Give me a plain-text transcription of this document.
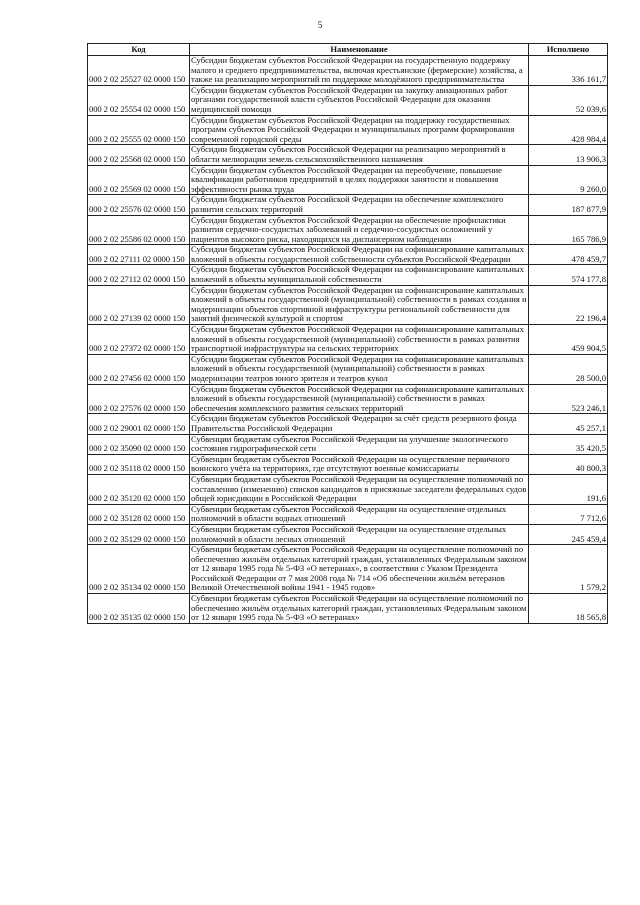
5
Код	Наименование	Исполнено
000 2 02 25527 02 0000 150	Субсидии бюджетам субъектов Российской Федерации на государственную поддержку малого и среднего предпринимательства, включая крестьянские (фермерские) хозяйства, а также на реализацию мероприятий по поддержке молодёжного предпринимательства	336 161,7
000 2 02 25554 02 0000 150	Субсидии бюджетам субъектов Российской Федерации на закупку авиационных работ органами государственной власти субъектов Российской Федерации для оказания медицинской помощи	52 039,6
000 2 02 25555 02 0000 150	Субсидии бюджетам субъектов Российской Федерации на поддержку государственных программ субъектов Российской Федерации и муниципальных программ формирования современной городской среды	428 984,4
000 2 02 25568 02 0000 150	Субсидии бюджетам субъектов Российской Федерации на реализацию мероприятий в области мелиорации земель сельскохозяйственного назначения	13 906,3
000 2 02 25569 02 0000 150	Субсидии бюджетам субъектов Российской Федерации на переобучение, повышение квалификации работников предприятий в целях поддержки занятости и повышения эффективности рынка труда	9 260,0
000 2 02 25576 02 0000 150	Субсидии бюджетам субъектов Российской Федерации на обеспечение комплексного развития сельских территорий	187 877,9
000 2 02 25586 02 0000 150	Субсидии бюджетам субъектов Российской Федерации на обеспечение профилактики развития сердечно-сосудистых заболеваний и сердечно-сосудистых осложнений у пациентов высокого риска, находящихся на диспансерном наблюдении	165 786,9
000 2 02 27111 02 0000 150	Субсидии бюджетам субъектов Российской Федерации на софинансирование капитальных вложений в объекты государственной собственности субъектов Российской Федерации	478 459,7
000 2 02 27112 02 0000 150	Субсидии бюджетам субъектов Российской Федерации на софинансирование капитальных вложений в объекты муниципальной собственности	574 177,8
000 2 02 27139 02 0000 150	Субсидии бюджетам субъектов Российской Федерации на софинансирование капитальных вложений в объекты государственной (муниципальной) собственности в рамках создания и модернизации объектов спортивной инфраструктуры региональной собственности для занятий физической культурой и спортом	22 196,4
000 2 02 27372 02 0000 150	Субсидии бюджетам субъектов Российской Федерации на софинансирование капитальных вложений в объекты государственной (муниципальной) собственности в рамках развития транспортной инфраструктуры на сельских территориях	459 904,5
000 2 02 27456 02 0000 150	Субсидии бюджетам субъектов Российской Федерации на софинансирование капитальных вложений в объекты государственной (муниципальной) собственности в рамках модернизации театров юного зрителя и театров кукол	28 500,0
000 2 02 27576 02 0000 150	Субсидии бюджетам субъектов Российской Федерации на софинансирование капитальных вложений в объекты государственной (муниципальной) собственности в рамках обеспечения комплексного развития сельских территорий	523 246,1
000 2 02 29001 02 0000 150	Субсидии бюджетам субъектов Российской Федерации за счёт средств резервного фонда Правительства Российской Федерации	45 257,1
000 2 02 35090 02 0000 150	Субвенции бюджетам субъектов Российской Федерации на улучшение экологического состояния гидрографической сети	35 420,5
000 2 02 35118 02 0000 150	Субвенции бюджетам субъектов Российской Федерации на осуществление первичного воинского учёта на территориях, где отсутствуют военные комиссариаты	40 800,3
000 2 02 35120 02 0000 150	Субвенции бюджетам субъектов Российской Федерации на осуществление полномочий по составлению (изменению) списков кандидатов в присяжные заседатели федеральных судов общей юрисдикции в Российской Федерации	191,6
000 2 02 35128 02 0000 150	Субвенции бюджетам субъектов Российской Федерации на осуществление отдельных полномочий в области водных отношений	7 712,6
000 2 02 35129 02 0000 150	Субвенции бюджетам субъектов Российской Федерации на осуществление отдельных полномочий в области лесных отношений	245 459,4
000 2 02 35134 02 0000 150	Субвенции бюджетам субъектов Российской Федерации на осуществление полномочий по обеспечению жильём отдельных категорий граждан, установленных Федеральным законом от 12 января 1995 года № 5-ФЗ «О ветеранах», в соответствии с Указом Президента Российской Федерации от 7 мая 2008 года № 714 «Об обеспечении жильём ветеранов Великой Отечественной войны 1941 - 1945 годов»	1 579,2
000 2 02 35135 02 0000 150	Субвенции бюджетам субъектов Российской Федерации на осуществление полномочий по обеспечению жильём отдельных категорий граждан, установленных Федеральным законом от 12 января 1995 года № 5-ФЗ «О ветеранах»	18 565,8
